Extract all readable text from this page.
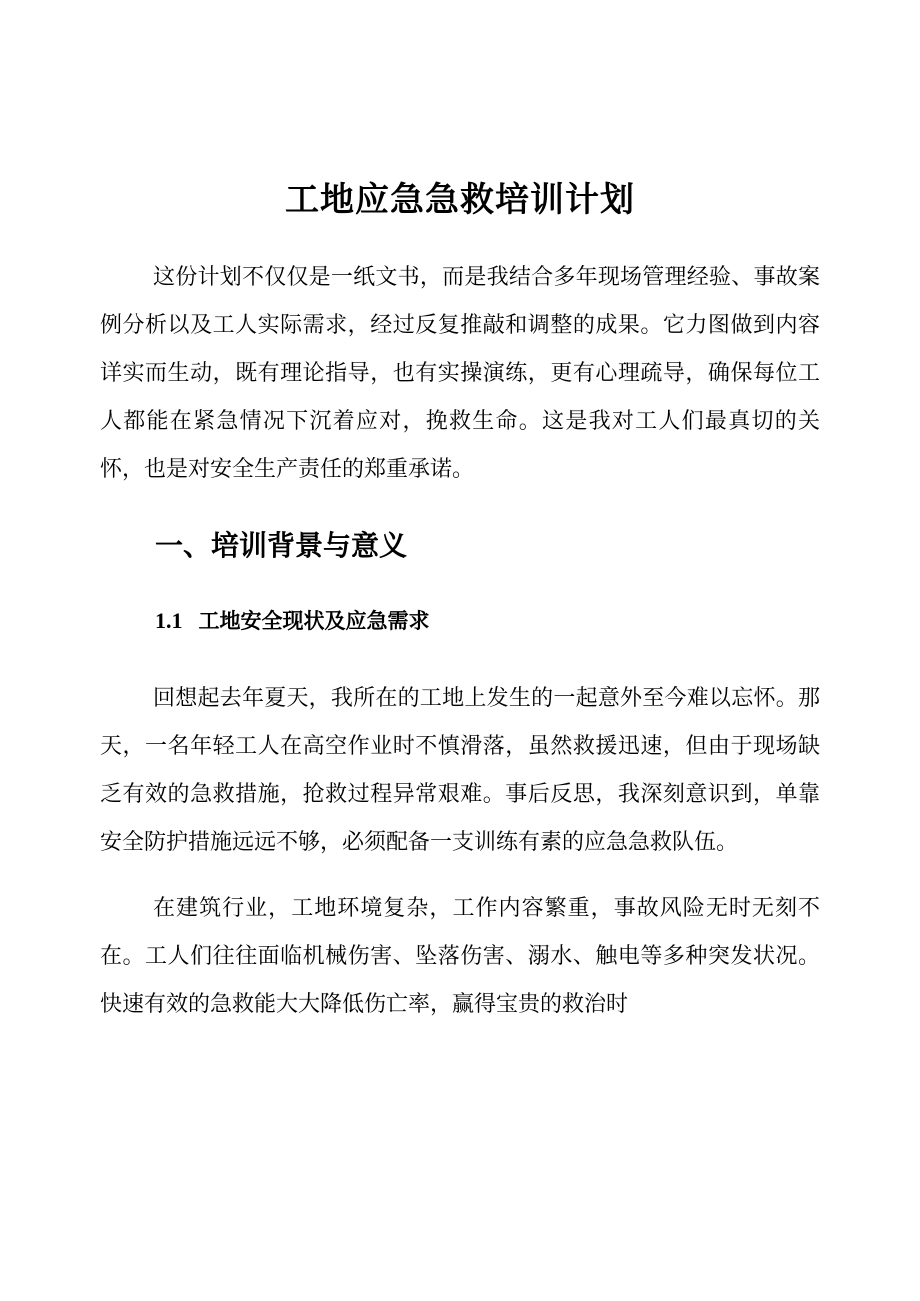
工地应急急救培训计划
这份计划不仅仅是一纸文书，而是我结合多年现场管理经验、事故案
例分析以及工人实际需求，经过反复推敲和调整的成果。它力图做到内容
详实而生动，既有理论指导，也有实操演练，更有心理疏导，确保每位工
人都能在紧急情况下沉着应对，挽救生命。这是我对工人们最真切的关
怀，也是对安全生产责任的郑重承诺。
一、培训背景与意义
1.1 工地安全现状及应急需求
回想起去年夏天，我所在的工地上发生的一起意外至今难以忘怀。那
天，一名年轻工人在高空作业时不慎滑落，虽然救援迅速，但由于现场缺
乏有效的急救措施，抢救过程异常艰难。事后反思，我深刻意识到，单靠
安全防护措施远远不够，必须配备一支训练有素的应急急救队伍。
在建筑行业，工地环境复杂，工作内容繁重，事故风险无时无刻不
在。工人们往往面临机械伤害、坠落伤害、溺水、触电等多种突发状况。
快速有效的急救能大大降低伤亡率，赢得宝贵的救治时
